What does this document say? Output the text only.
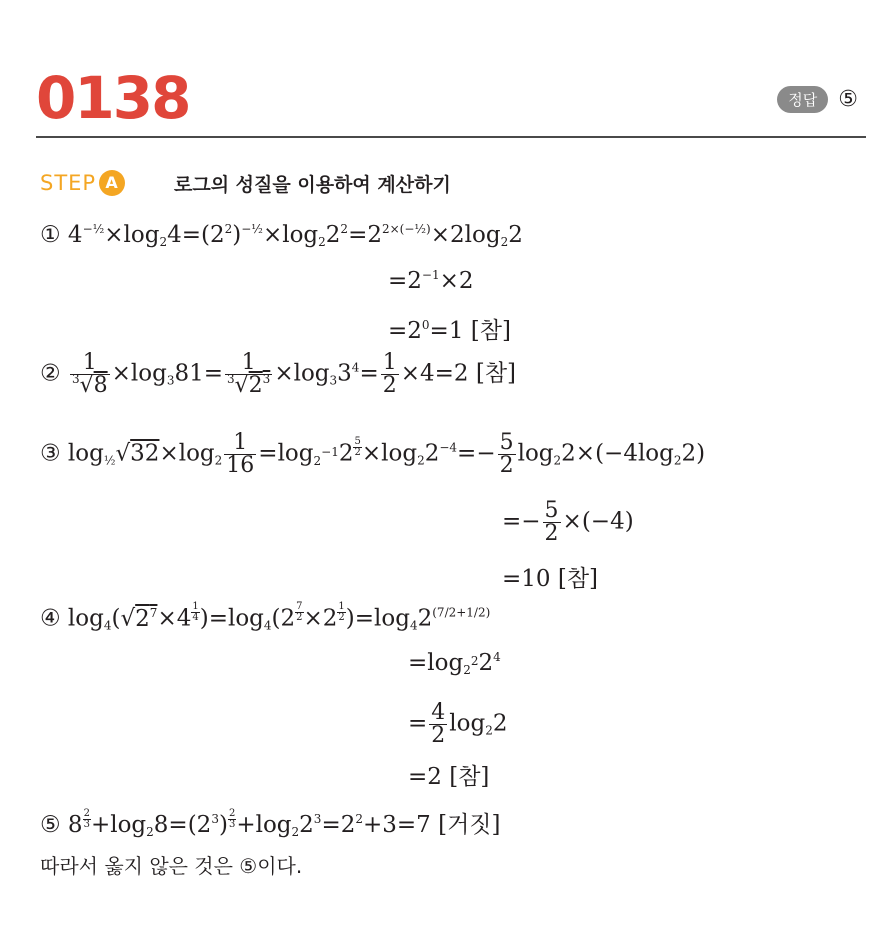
0138	정답 ⑤
STEP A	로그의 성질을 이용하여 계산하기
① $4^{-\frac{1}{2}}\times\log_24=(2^2)^{-\frac{1}{2}}\times\log_22^2=2^{2\times(-\frac{1}{2})}\times 2\log_22$
$=2^{-1}\times 2$
$=2^0=1$ [참]
② $\frac{1}{^3√8} \times\log_381= \frac{1}{^3√2^3} \times\log_33^4= \frac{1}{2} \times 4=2$ [참]
③ $\log_{\frac{1}{2}}√32\times\log_2 \frac{1}{16} =\log_{2^{-1}}2 \frac{5}{2} \times\log_22^{-4}=- \frac{5}{2} \log_22\times(-4\log_22)$
=− $\frac{5}{2} \times(-4)$
=10 [참]
④ $\log_4(√2^7\times 4 \frac{1}{4} )=\log_4(2 \frac{7}{2} \times 2 \frac{1}{2} )=\log_42^{(7/2+1/2)}$
$=\log_{2^2}2^4$
= $\frac{4}{2} \log_22$
=2 [참]
⑤ $8 \frac{2}{3} +\log_28=(2^3) \frac{2}{3} +\log_22^3=2^2+3=7$ [거짓]
따라서 옳지 않은 것은 ⑤이다.
